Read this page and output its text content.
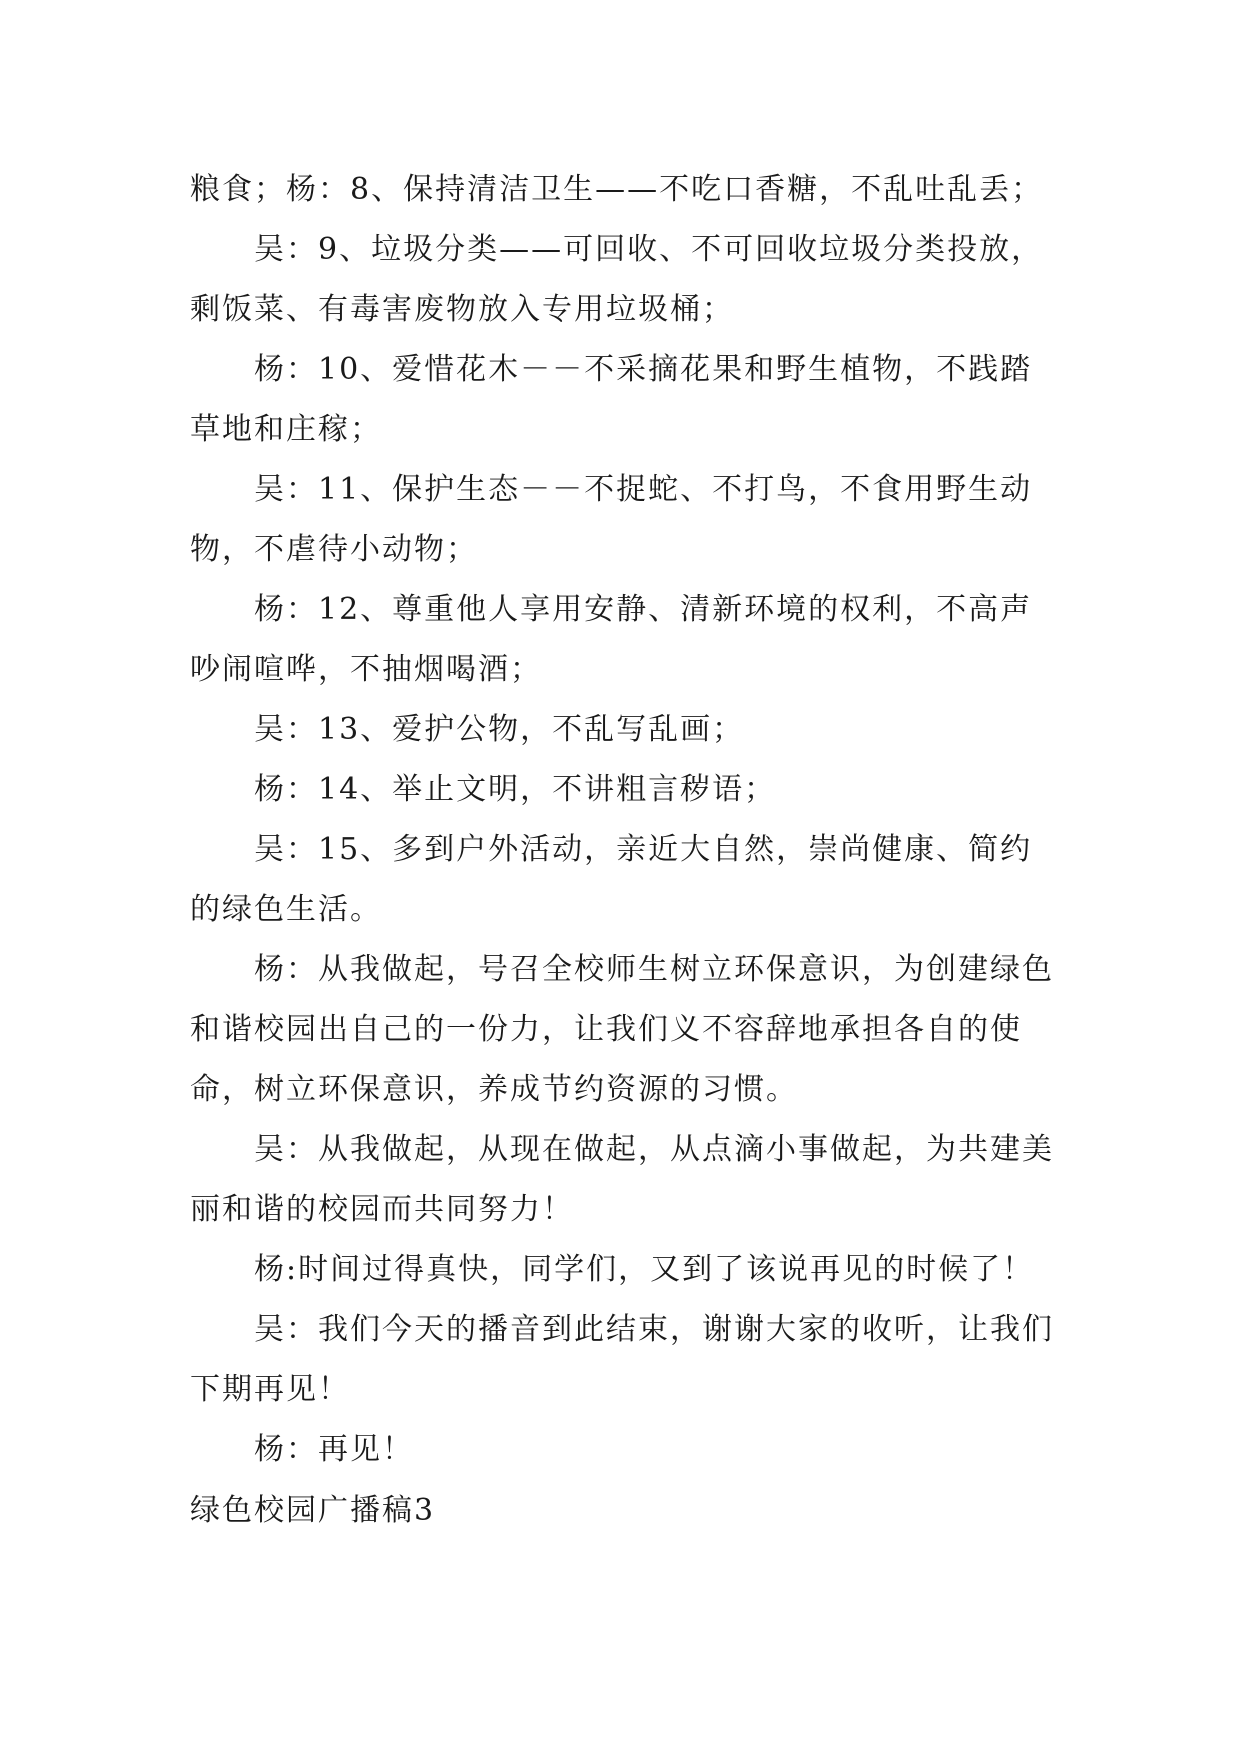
粮食；杨：8、保持清洁卫生——不吃口香糖，不乱吐乱丢；

吴：9、垃圾分类——可回收、不可回收垃圾分类投放，剩饭菜、有毒害废物放入专用垃圾桶；

杨：10、爱惜花木－－不采摘花果和野生植物，不践踏草地和庄稼；

吴：11、保护生态－－不捉蛇、不打鸟，不食用野生动物，不虐待小动物；

杨：12、尊重他人享用安静、清新环境的权利，不高声吵闹喧哗，不抽烟喝酒；

吴：13、爱护公物，不乱写乱画；

杨：14、举止文明，不讲粗言秽语；

吴：15、多到户外活动，亲近大自然，崇尚健康、简约的绿色生活。

杨：从我做起，号召全校师生树立环保意识，为创建绿色和谐校园出自己的一份力，让我们义不容辞地承担各自的使命，树立环保意识，养成节约资源的习惯。

吴：从我做起，从现在做起，从点滴小事做起，为共建美丽和谐的校园而共同努力！

杨:时间过得真快，同学们，又到了该说再见的时候了！

吴：我们今天的播音到此结束，谢谢大家的收听，让我们下期再见！

杨：再见！

绿色校园广播稿3
